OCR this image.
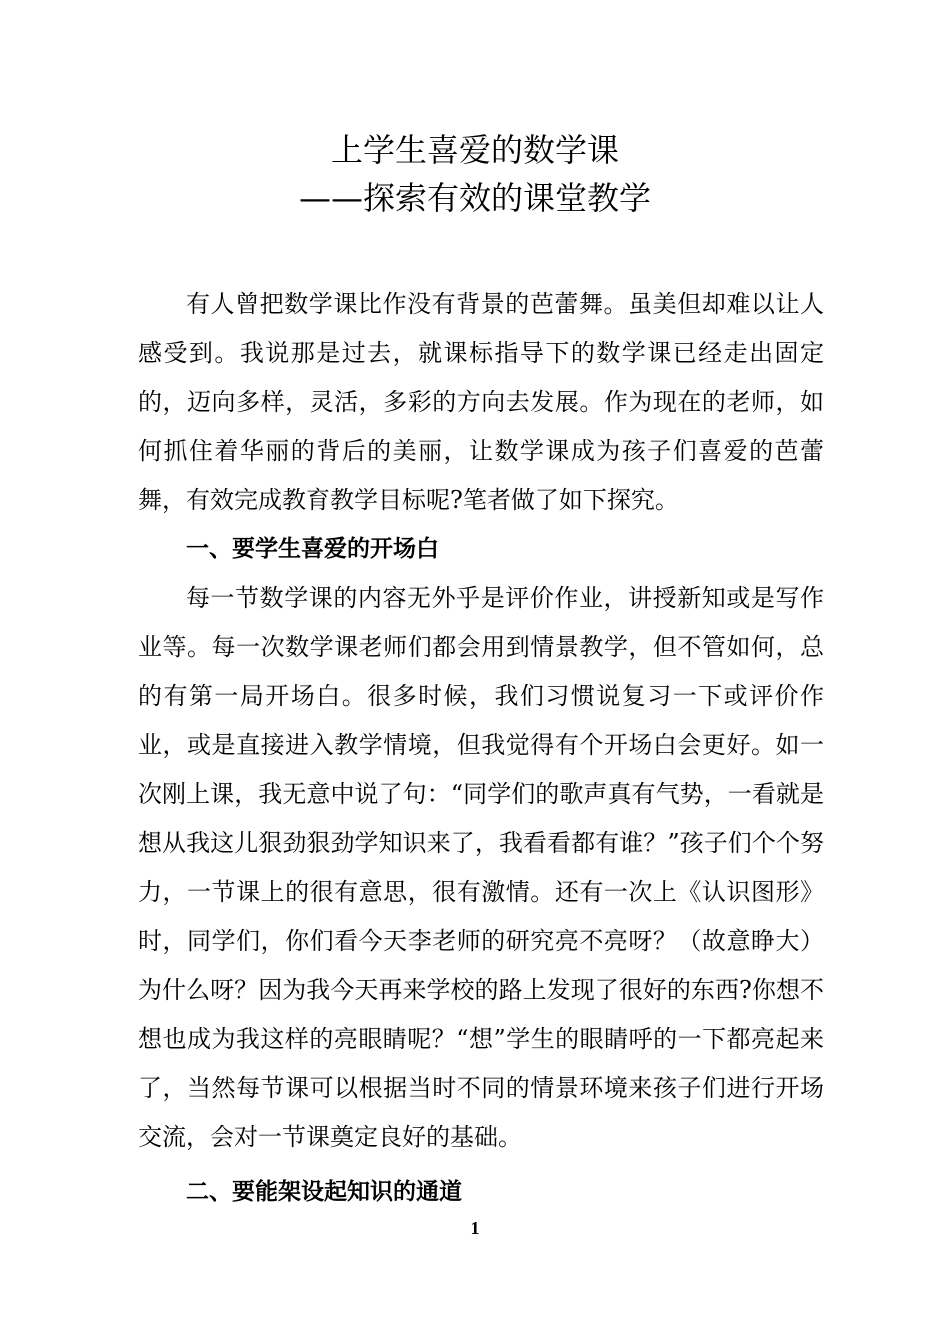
上学生喜爱的数学课
——探索有效的课堂教学

有人曾把数学课比作没有背景的芭蕾舞。虽美但却难以让人感受到。我说那是过去，就课标指导下的数学课已经走出固定的，迈向多样，灵活，多彩的方向去发展。作为现在的老师，如何抓住着华丽的背后的美丽，让数学课成为孩子们喜爱的芭蕾舞，有效完成教育教学目标呢?笔者做了如下探究。

一、要学生喜爱的开场白

每一节数学课的内容无外乎是评价作业，讲授新知或是写作业等。每一次数学课老师们都会用到情景教学，但不管如何，总的有第一局开场白。很多时候，我们习惯说复习一下或评价作业，或是直接进入教学情境，但我觉得有个开场白会更好。如一次刚上课，我无意中说了句：“同学们的歌声真有气势，一看就是想从我这儿狠劲狠劲学知识来了，我看看都有谁？”孩子们个个努力，一节课上的很有意思，很有激情。还有一次上《认识图形》时，同学们，你们看今天李老师的研究亮不亮呀？（故意睁大）为什么呀？因为我今天再来学校的路上发现了很好的东西?你想不想也成为我这样的亮眼睛呢？“想”学生的眼睛呼的一下都亮起来了，当然每节课可以根据当时不同的情景环境来孩子们进行开场交流，会对一节课奠定良好的基础。

二、要能架设起知识的通道

1
